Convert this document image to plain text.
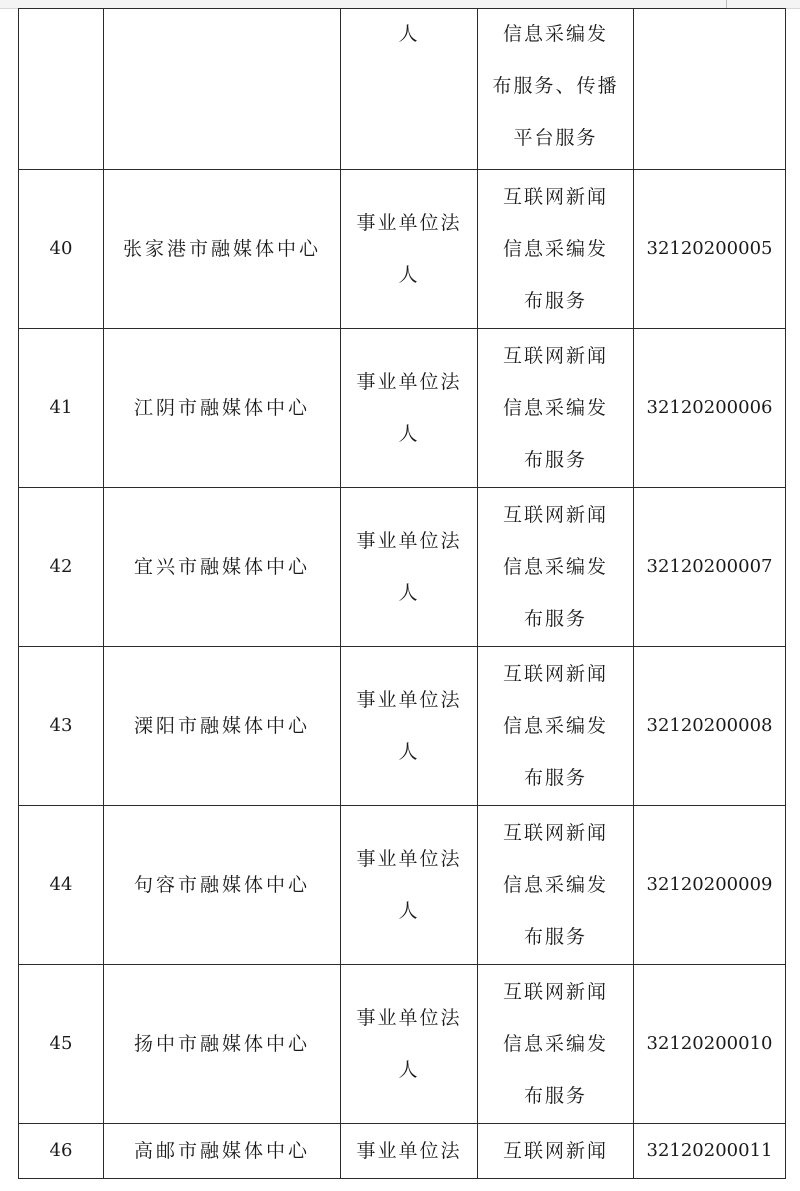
		人	信息采编发
布服务、传播
平台服务	

40	张家港市融媒体中心	事业单位法
人	互联网新闻
信息采编发
布服务	32120200005
41	江阴市融媒体中心	事业单位法
人	互联网新闻
信息采编发
布服务	32120200006
42	宜兴市融媒体中心	事业单位法
人	互联网新闻
信息采编发
布服务	32120200007
43	溧阳市融媒体中心	事业单位法
人	互联网新闻
信息采编发
布服务	32120200008
44	句容市融媒体中心	事业单位法
人	互联网新闻
信息采编发
布服务	32120200009
45	扬中市融媒体中心	事业单位法
人	互联网新闻
信息采编发
布服务	32120200010
46	高邮市融媒体中心	事业单位法	互联网新闻	32120200011
